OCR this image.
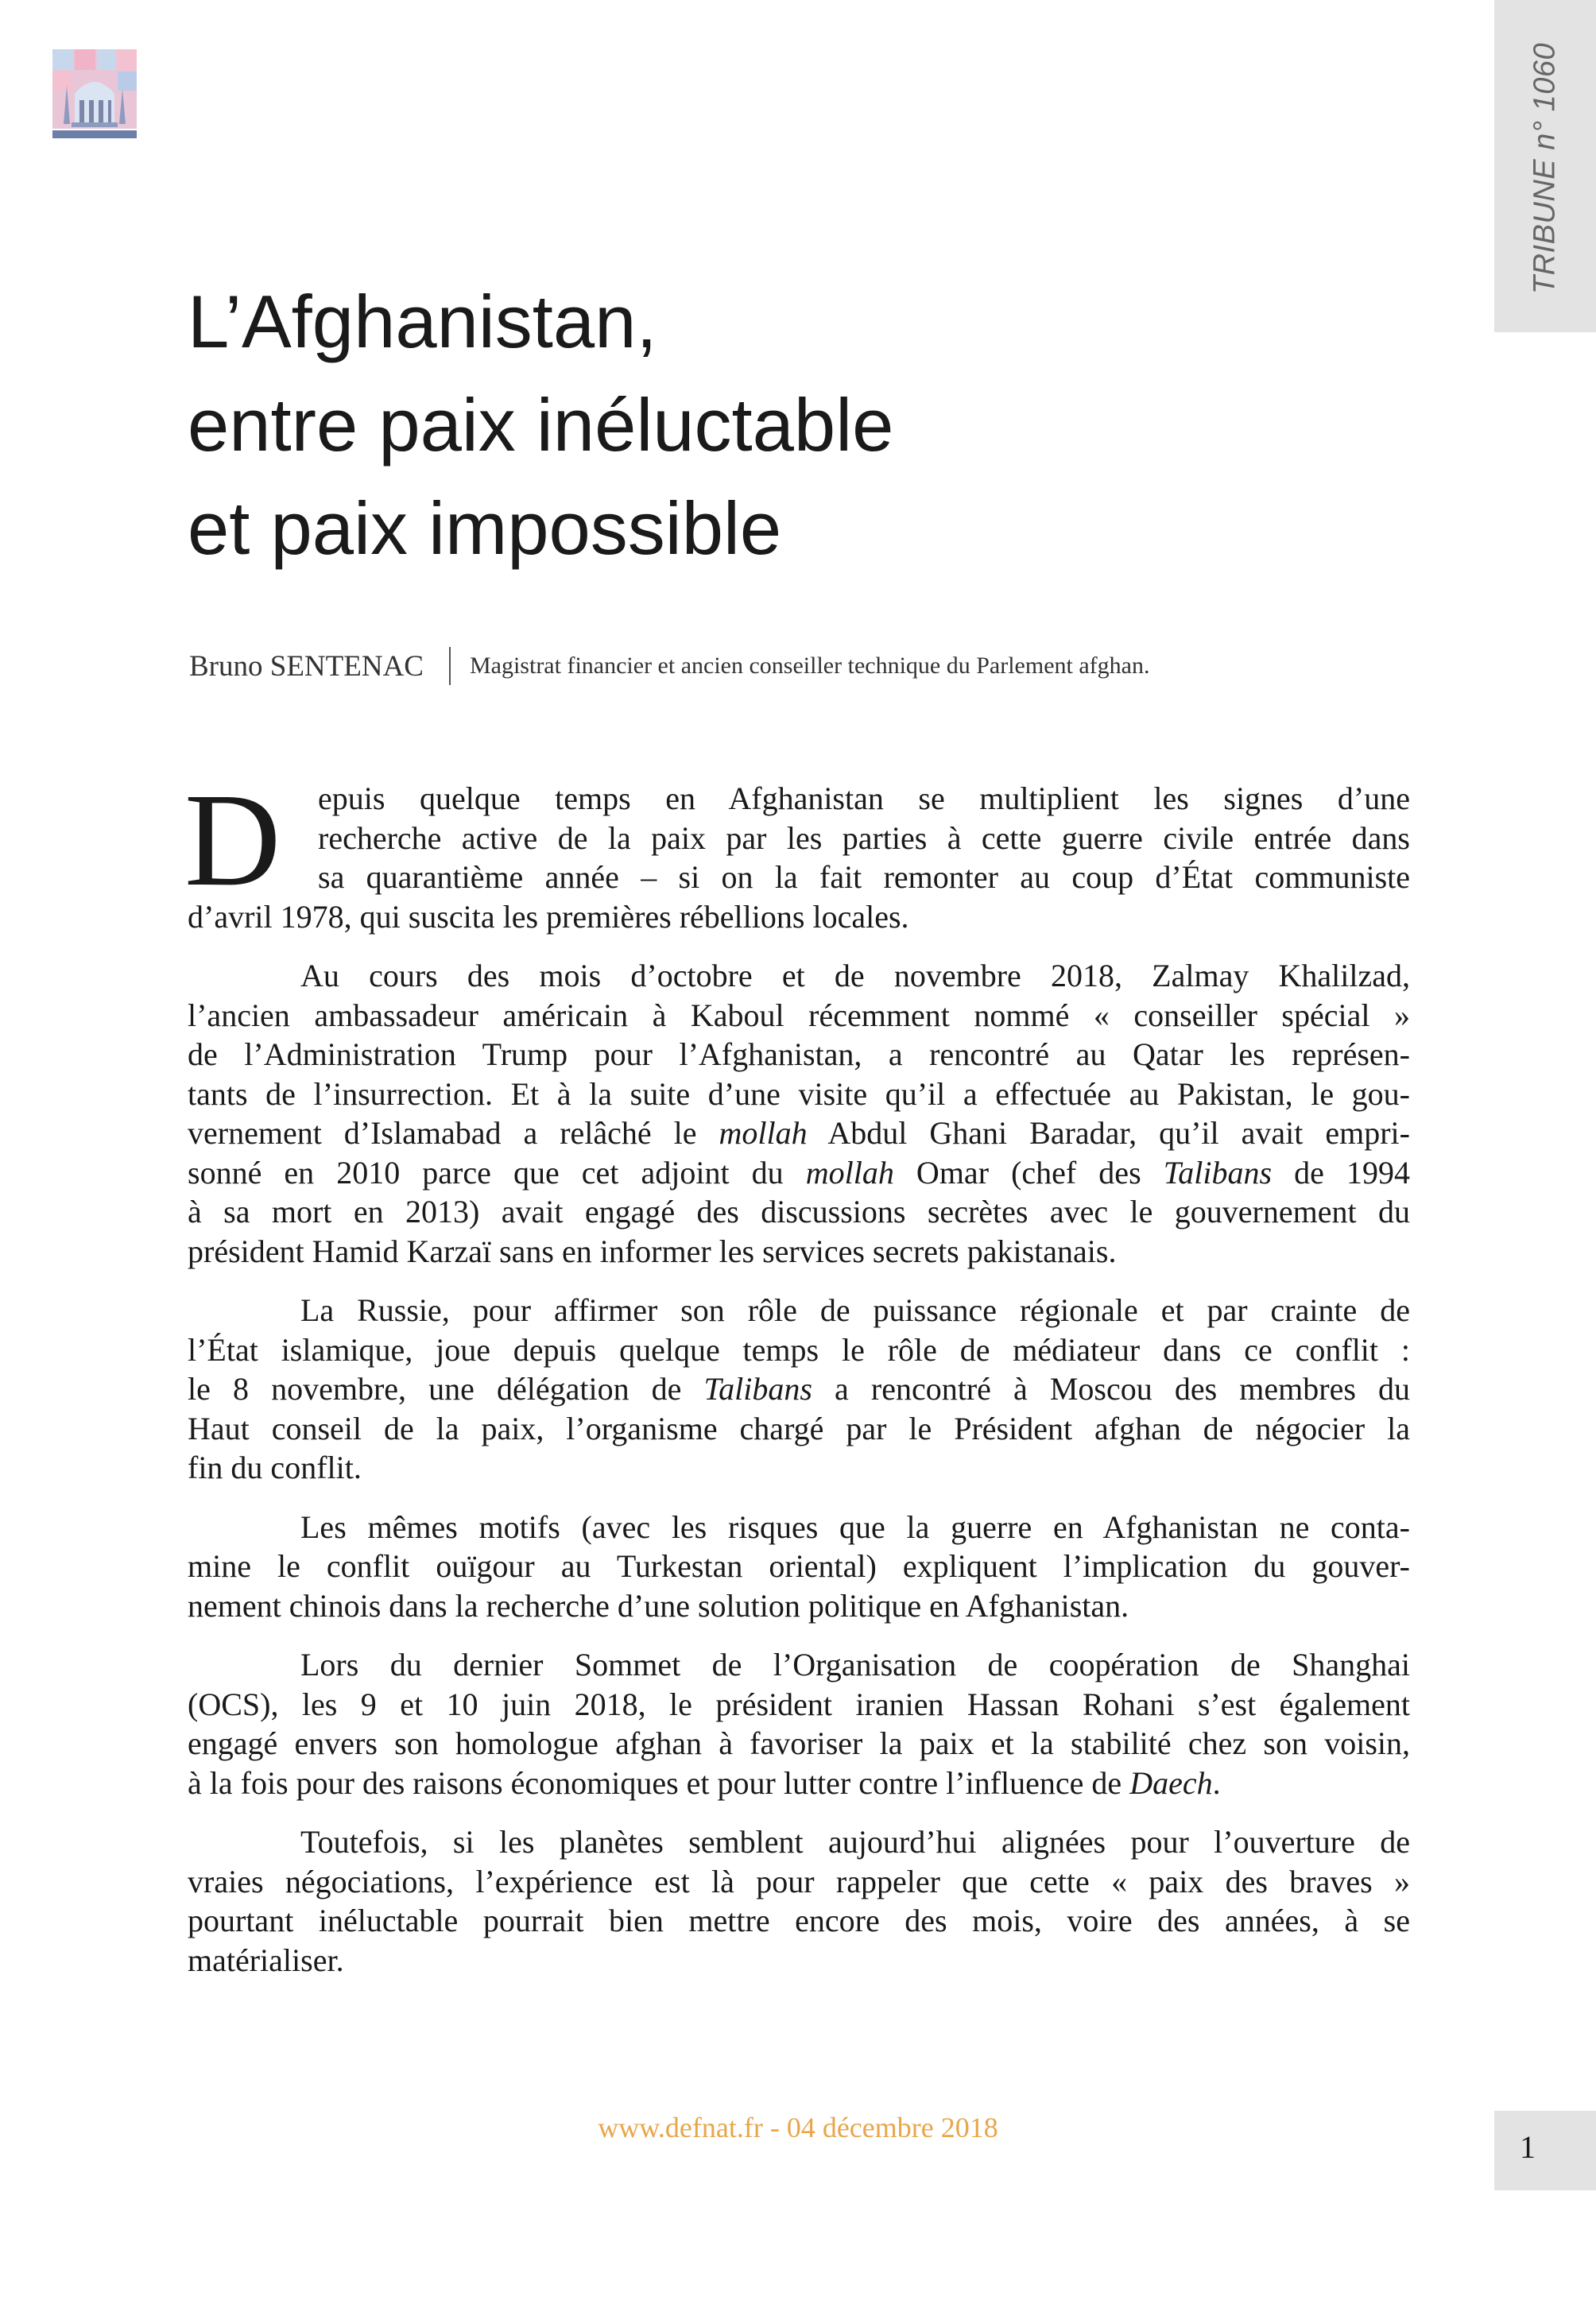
TRIBUNE n° 1060
L’Afghanistan,
entre paix inéluctable
et paix impossible
Bruno SENTENAC Magistrat financier et ancien conseiller technique du Parlement afghan.

D	epuis quelque temps en Afghanistan se multiplient les signes d’une
recherche active de la paix par les parties à cette guerre civile entrée dans
sa quarantième année – si on la fait remonter au coup d’État communiste
d’avril 1978, qui suscita les premières rébellions locales.

Au cours des mois d’octobre et de novembre 2018, Zalmay Khalilzad,
l’ancien ambassadeur américain à Kaboul récemment nommé « conseiller spécial »
de l’Administration Trump pour l’Afghanistan, a rencontré au Qatar les représen-
tants de l’insurrection. Et à la suite d’une visite qu’il a effectuée au Pakistan, le gou-
vernement d’Islamabad a relâché le mollah Abdul Ghani Baradar, qu’il avait empri-
sonné en 2010 parce que cet adjoint du mollah Omar (chef des Talibans de 1994
à sa mort en 2013) avait engagé des discussions secrètes avec le gouvernement du
président Hamid Karzaï sans en informer les services secrets pakistanais.

La Russie, pour affirmer son rôle de puissance régionale et par crainte de
l’État islamique, joue depuis quelque temps le rôle de médiateur dans ce conflit :
le 8 novembre, une délégation de Talibans a rencontré à Moscou des membres du
Haut conseil de la paix, l’organisme chargé par le Président afghan de négocier la
fin du conflit.

Les mêmes motifs (avec les risques que la guerre en Afghanistan ne conta-
mine le conflit ouïgour au Turkestan oriental) expliquent l’implication du gouver-
nement chinois dans la recherche d’une solution politique en Afghanistan.

Lors du dernier Sommet de l’Organisation de coopération de Shanghai
(OCS), les 9 et 10 juin 2018, le président iranien Hassan Rohani s’est également
engagé envers son homologue afghan à favoriser la paix et la stabilité chez son voisin,
à la fois pour des raisons économiques et pour lutter contre l’influence de Daech.

Toutefois, si les planètes semblent aujourd’hui alignées pour l’ouverture de
vraies négociations, l’expérience est là pour rappeler que cette « paix des braves »
pourtant inéluctable pourrait bien mettre encore des mois, voire des années, à se
matérialiser.

www.defnat.fr - 04 décembre 2018
1
